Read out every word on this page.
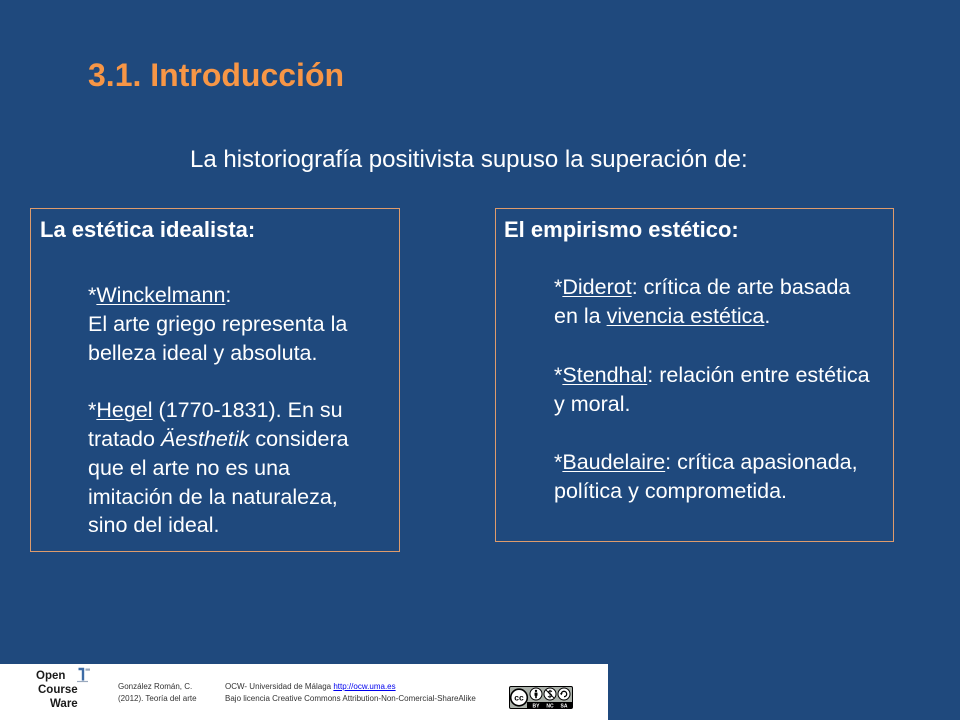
3.1. Introducción
La historiografía positivista supuso la superación de:
La estética idealista:
*Winckelmann:
El arte griego representa la
belleza ideal y absoluta.
*Hegel (1770-1831). En su
tratado Äesthetik considera
que el arte no es una
imitación de la naturaleza,
sino del ideal.
El empirismo estético:
*Diderot: crítica de arte basada
en la vivencia estética.
*Stendhal: relación entre estética
y moral.
*Baudelaire: crítica apasionada,
política y comprometida.
Open
Course
Ware
González Román, C.
(2012). Teoría del arte
OCW- Universidad de Málaga http://ocw.uma.es
Bajo licencia Creative Commons Attribution-Non-Comercial-ShareAlike	cc
BY NC SA
